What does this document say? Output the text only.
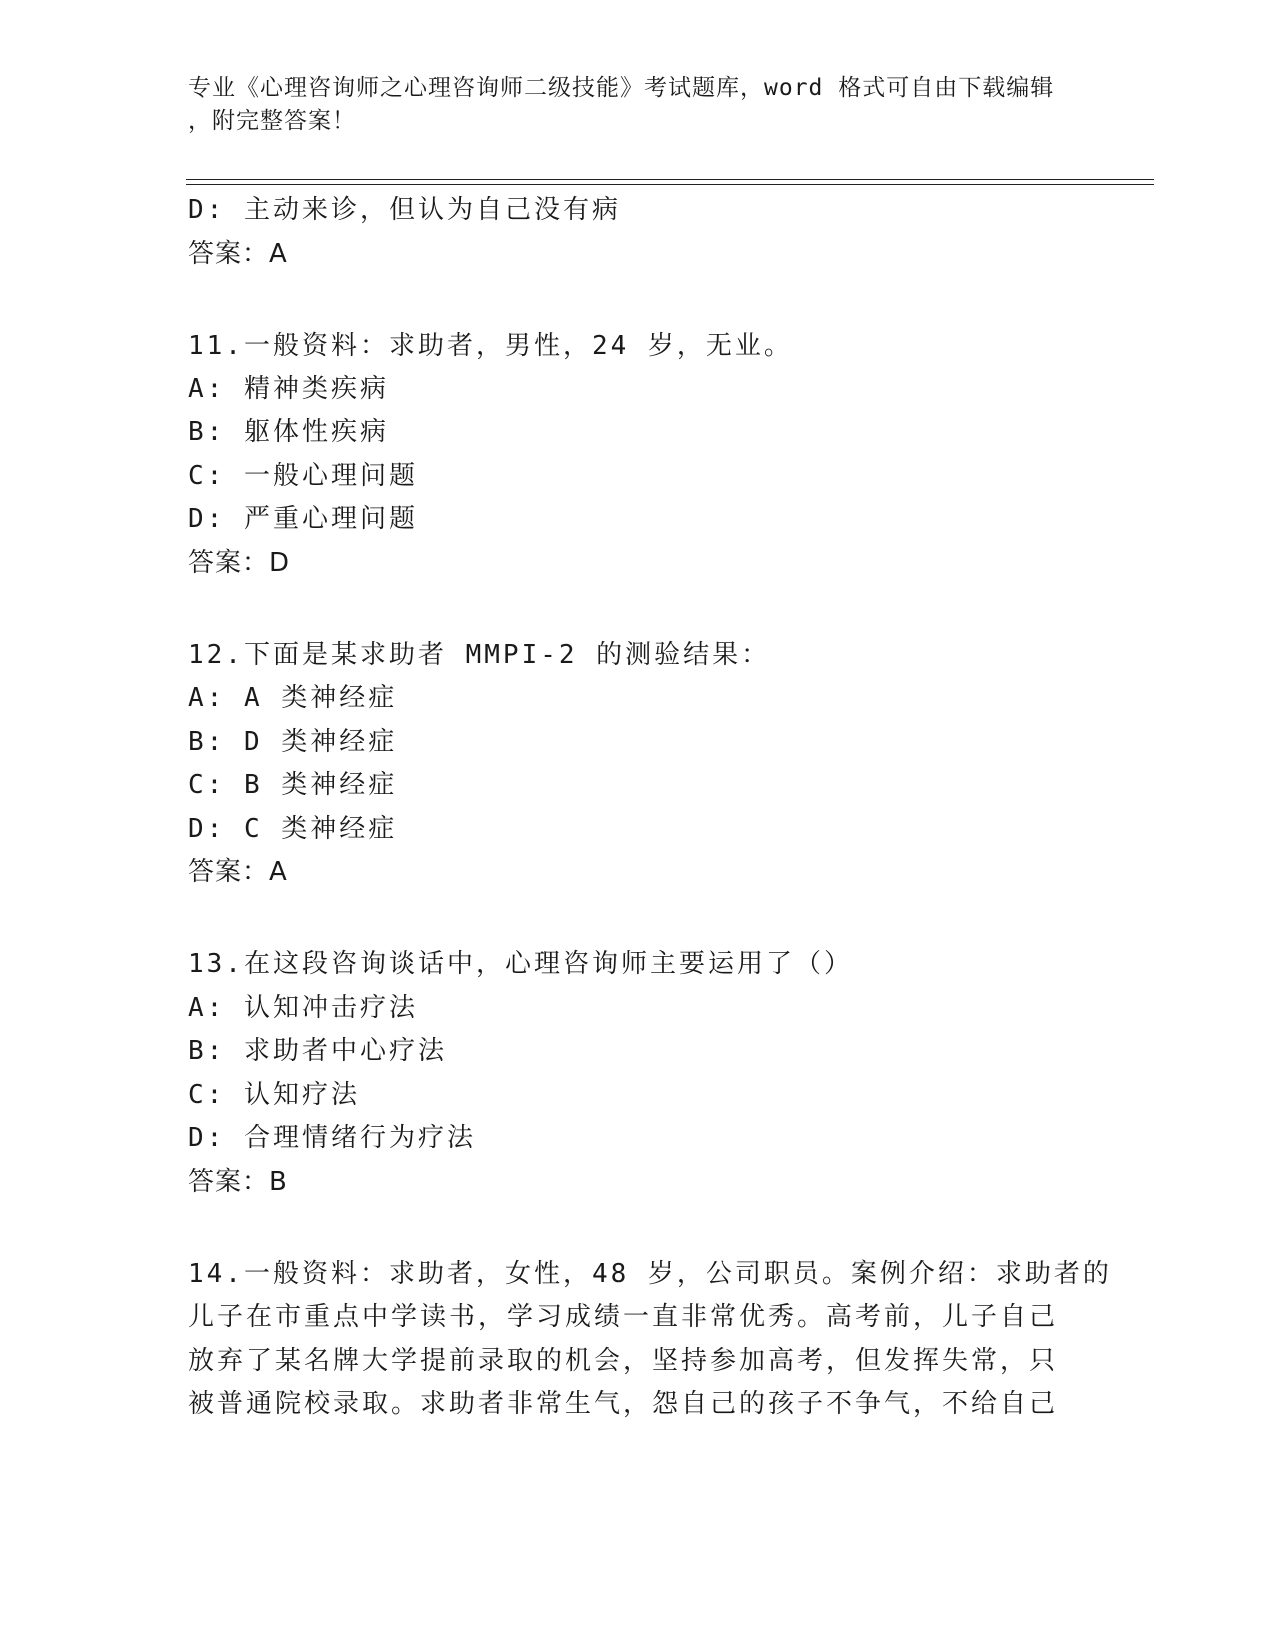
专业《心理咨询师之心理咨询师二级技能》考试题库，word 格式可自由下载编辑
，附完整答案！
D: 主动来诊，但认为自己没有病
答案：A
11.一般资料：求助者，男性，24 岁，无业。
A: 精神类疾病
B: 躯体性疾病
C: 一般心理问题
D: 严重心理问题
答案：D
12.下面是某求助者 MMPI-2 的测验结果：
A: A 类神经症
B: D 类神经症
C: B 类神经症
D: C 类神经症
答案：A
13.在这段咨询谈话中，心理咨询师主要运用了（）
A: 认知冲击疗法
B: 求助者中心疗法
C: 认知疗法
D: 合理情绪行为疗法
答案：B
14.一般资料：求助者，女性，48 岁，公司职员。案例介绍：求助者的
儿子在市重点中学读书，学习成绩一直非常优秀。高考前，儿子自己
放弃了某名牌大学提前录取的机会，坚持参加高考，但发挥失常，只
被普通院校录取。求助者非常生气，怨自己的孩子不争气，不给自己
